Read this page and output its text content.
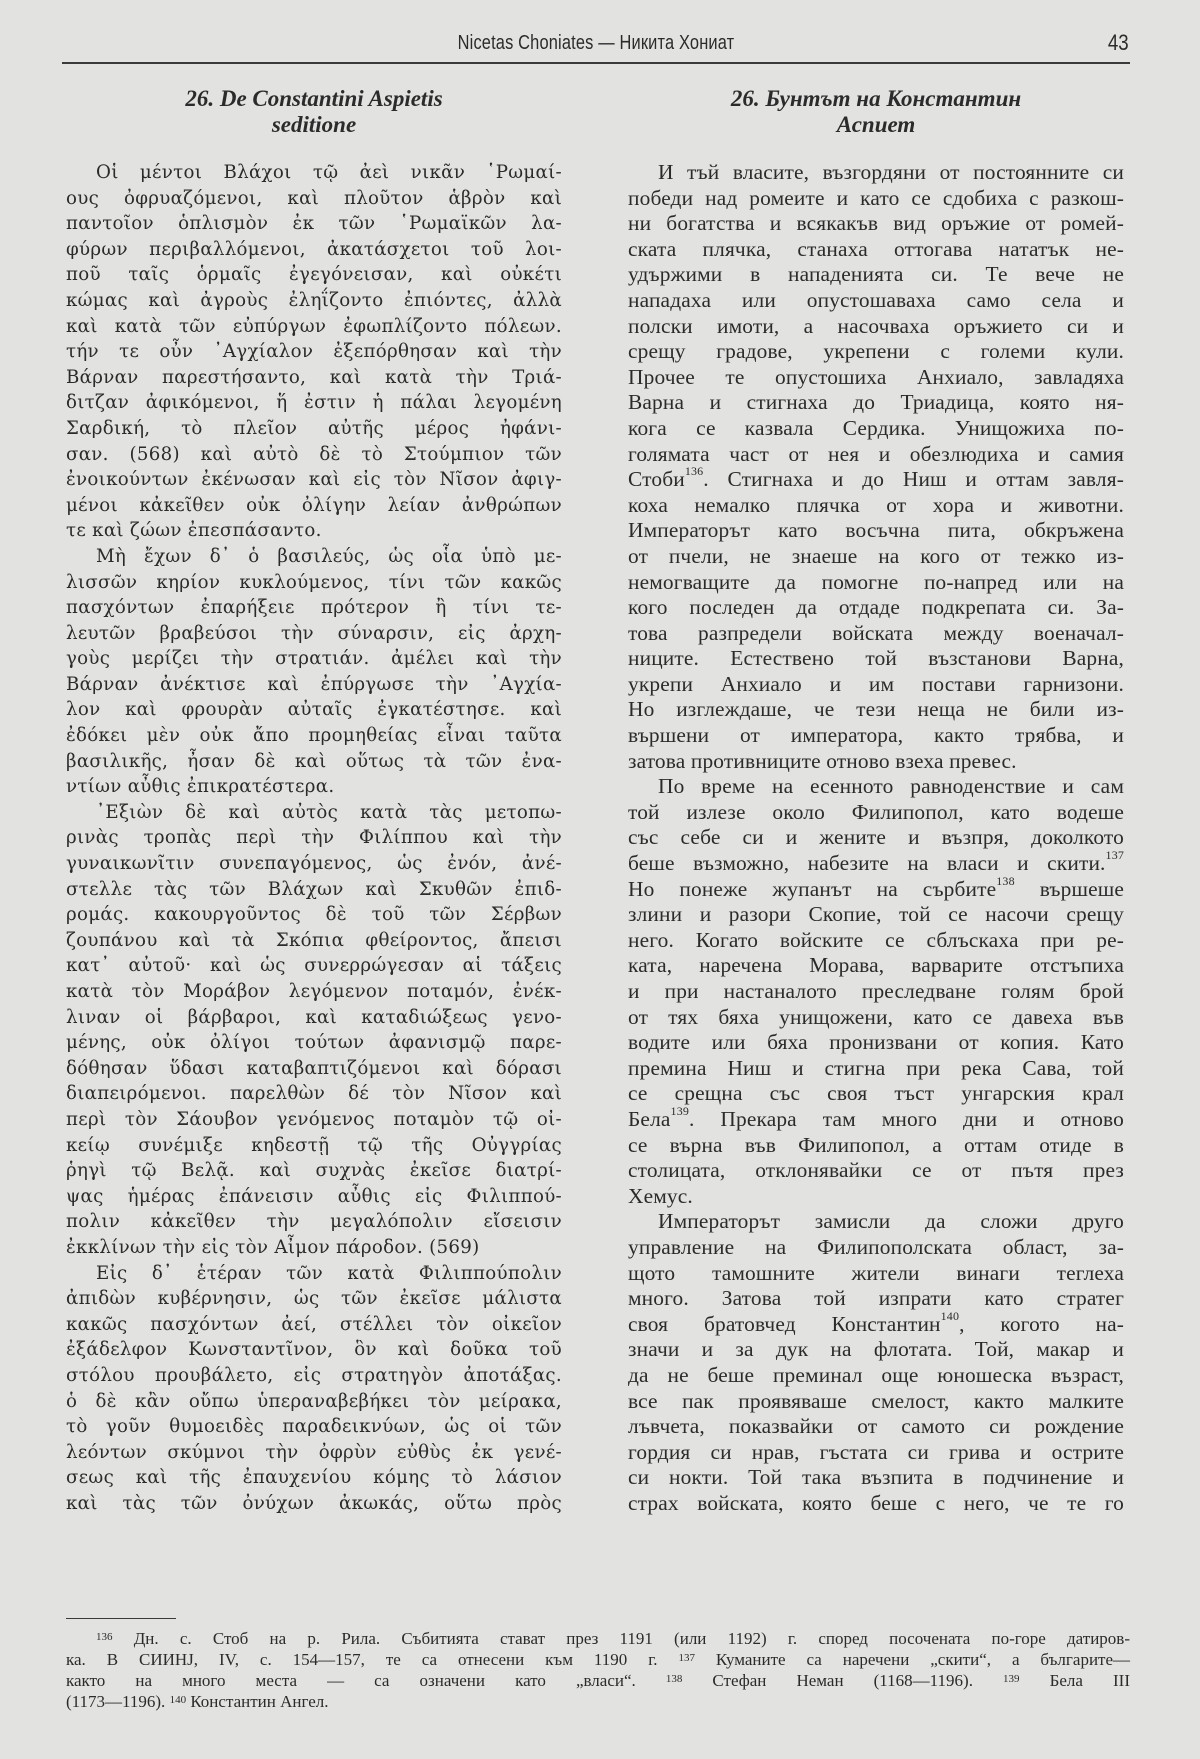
Nicetas Choniates — Никита Хониат	43
26. De Constantini Aspietis
seditione
Οἱ μέντοι Βλάχοι τῷ ἀεὶ νικᾶν ῾Ρωμαί-
ους ὀφρυαζόμενοι, καὶ πλοῦτον ἁβρὸν καὶ
παντοῖον ὁπλισμὸν ἐκ τῶν ῾Ρωμαϊκῶν λα-
φύρων περιβαλλόμενοι, ἀκατάσχετοι τοῦ λοι-
ποῦ ταῖς ὁρμαῖς ἐγεγόνεισαν, καὶ οὐκέτι
κώμας καὶ ἀγροὺς ἐληΐζοντο ἐπιόντες, ἀλλὰ
καὶ κατὰ τῶν εὐπύργων ἐφωπλίζοντο πόλεων.
τήν τε οὖν ᾿Αγχίαλον ἐξεπόρθησαν καὶ τὴν
Βάρναν παρεστήσαντο, καὶ κατὰ τὴν Τριά-
διτζαν ἀφικόμενοι, ἥ ἐστιν ἡ πάλαι λεγομένη
Σαρδική, τὸ πλεῖον αὐτῆς μέρος ἠφάνι-
σαν. (568) καὶ αὐτὸ δὲ τὸ Στούμπιον τῶν
ἐνοικούντων ἐκένωσαν καὶ εἰς τὸν Νῖσον ἀφιγ-
μένοι κἀκεῖθεν οὐκ ὀλίγην λείαν ἀνθρώπων
τε καὶ ζώων ἐπεσπάσαντο.
Μὴ ἔχων δ᾿ ὁ βασιλεύς, ὡς οἷα ὑπὸ με-
λισσῶν κηρίον κυκλούμενος, τίνι τῶν κακῶς
πασχόντων ἐπαρήξειε πρότερον ἢ τίνι τε-
λευτῶν βραβεύσοι τὴν σύναρσιν, εἰς ἀρχη-
γοὺς μερίζει τὴν στρατιάν. ἀμέλει καὶ τὴν
Βάρναν ἀνέκτισε καὶ ἐπύργωσε τὴν ᾿Αγχία-
λον καὶ φρουρὰν αὐταῖς ἐγκατέστησε. καὶ
ἐδόκει μὲν οὐκ ἄπο προμηθείας εἶναι ταῦτα
βασιλικῆς, ἦσαν δὲ καὶ οὕτως τὰ τῶν ἐνα-
ντίων αὖθις ἐπικρατέστερα.
᾿Εξιὼν δὲ καὶ αὐτὸς κατὰ τὰς μετοπω-
ρινὰς τροπὰς περὶ τὴν Φιλίππου καὶ τὴν
γυναικωνῖτιν συνεπαγόμενος, ὡς ἐνόν, ἀνέ-
στελλε τὰς τῶν Βλάχων καὶ Σκυθῶν ἐπιδ-
ρομάς. κακουργοῦντος δὲ τοῦ τῶν Σέρβων
ζουπάνου καὶ τὰ Σκόπια φθείροντος, ἄπεισι
κατ᾿ αὐτοῦ· καὶ ὡς συνερρώγεσαν αἱ τάξεις
κατὰ τὸν Μοράβον λεγόμενον ποταμόν, ἐνέκ-
λιναν οἱ βάρβαροι, καὶ καταδιώξεως γενο-
μένης, οὐκ ὀλίγοι τούτων ἀφανισμῷ παρε-
δόθησαν ὕδασι καταβαπτιζόμενοι καὶ δόρασι
διαπειρόμενοι. παρελθὼν δέ τὸν Νῖσον καὶ
περὶ τὸν Σάουβον γενόμενος ποταμὸν τῷ οἰ-
κείῳ συνέμιξε κηδεστῇ τῷ τῆς Οὐγγρίας
ῥηγὶ τῷ Βελᾷ. καὶ συχνὰς ἐκεῖσε διατρί-
ψας ἡμέρας ἐπάνεισιν αὖθις εἰς Φιλιππού-
πολιν κἀκεῖθεν τὴν μεγαλόπολιν εἴσεισιν
ἐκκλίνων τὴν εἰς τὸν Αἶμον πάροδον. (569)
Εἰς δ᾿ ἑτέραν τῶν κατὰ Φιλιππούπολιν
ἀπιδὼν κυβέρνησιν, ὡς τῶν ἐκεῖσε μάλιστα
κακῶς πασχόντων ἀεί, στέλλει τὸν οἰκεῖον
ἐξάδελφον Κωνσταντῖνον, ὃν καὶ δοῦκα τοῦ
στόλου προυβάλετο, εἰς στρατηγὸν ἀποτάξας.
ὁ δὲ κἂν οὔπω ὑπεραναβεβήκει τὸν μείρακα,
τὸ γοῦν θυμοειδὲς παραδεικνύων, ὡς οἱ τῶν
λεόντων σκύμνοι τὴν ὀφρὺν εὐθὺς ἐκ γενέ-
σεως καὶ τῆς ἐπαυχενίου κόμης τὸ λάσιον
καὶ τὰς τῶν ὀνύχων ἀκωκάς, οὕτω πρὸς
26. Бунтът на Константин
Аспиет
И тъй власите, възгордяни от постоянните си
победи над ромеите и като се сдобиха с разкош-
ни богатства и всякакъв вид оръжие от ромей-
ската плячка, станаха оттогава нататък не-
удържими в нападенията си. Те вече не
нападаха или опустошаваха само села и
полски имоти, а насочваха оръжието си и
срещу градове, укрепени с големи кули.
Прочее те опустошиха Анхиало, завладяха
Варна и стигнаха до Триадица, която ня-
кога се казвала Сердика. Унищожиха по-
голямата част от нея и обезлюдиха и самия
Стоби$^{136}$. Стигнаха и до Ниш и оттам завля-
коха немалко плячка от хора и животни.
Императорът като восъчна пита, обкръжена
от пчели, не знаеше на кого от тежко из-
немогващите да помогне по-напред или на
кого последен да отдаде подкрепата си. За-
това разпредели войската между военачал-
ниците. Естествено той възстанови Варна,
укрепи Анхиало и им постави гарнизони.
Но изглеждаше, че тези неща не били из-
вършени от императора, както трябва, и
затова противниците отново взеха превес.
По време на есенното равноденствие и сам
той излезе около Филипопол, като водеше
със себе си и жените и възпря, доколкото
беше възможно, набезите на власи и скити.$^{137}$
Но понеже жупанът на сърбите$^{138}$ вършеше
злини и разори Скопие, той се насочи срещу
него. Когато войските се сблъскаха при ре-
ката, наречена Морава, варварите отстъпиха
и при настаналото преследване голям брой
от тях бяха унищожени, като се давеха във
водите или бяха пронизвани от копия. Като
премина Ниш и стигна при река Сава, той
се срещна със своя тъст унгарския крал
Бела$^{139}$. Прекара там много дни и отново
се върна във Филипопол, а оттам отиде в
столицата, отклонявайки се от пътя през
Хемус.
Императорът замисли да сложи друго
управление на Филипополската област, за-
щото тамошните жители винаги теглеха
много. Затова той изпрати като стратег
своя братовчед Константин$^{140}$, когото на-
значи и за дук на флотата. Той, макар и
да не беше преминал още юношеска възраст,
все пак проявяваше смелост, както малките
лъвчета, показвайки от самото си рождение
гордия си нрав, гъстата си грива и острите
си нокти. Той така възпита в подчинение и
страх войската, която беше с него, че те го
$^{136}$ Дн. с. Стоб на р. Рила. Събитията стават през 1191 (или 1192) г. според посочената по-горе датиров-
ка. В СИИНЈ, IV, с. 154—157, те са отнесени към 1190 г. $^{137}$ Куманите са наречени „скити“, а българите—
както на много места — са означени като „власи“. $^{138}$ Стефан Неман (1168—1196). $^{139}$ Бела III
(1173—1196). $^{140}$ Константин Ангел.
